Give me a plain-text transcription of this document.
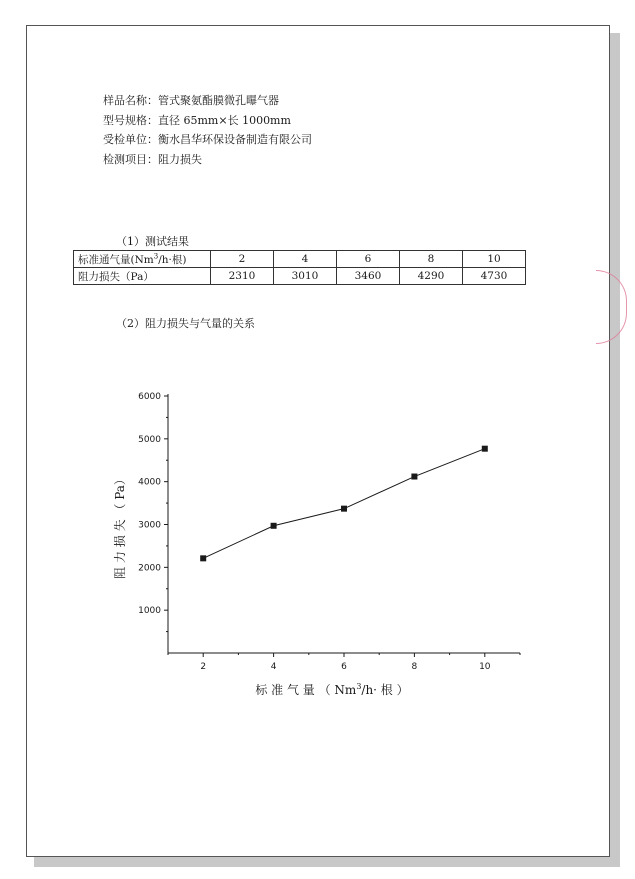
样品名称：管式聚氨酯膜微孔曝气器
型号规格：直径 65mm×长 1000mm
受检单位：衡水昌华环保设备制造有限公司
检测项目：阻力损失
（1）测试结果
标准通气量($Nm^3/h\cdot$根)	2	4	6	8	10
阻力损失（Pa）	2310	3010	3460	4290	4730
（2）阻力损失与气量的关系
1000
2000
3000
4000
5000
6000
2	4	6	8	10
阻 力 损 失 （ Pa）
标 准 气 量 （ $Nm^3/h\cdot$ 根 ）
